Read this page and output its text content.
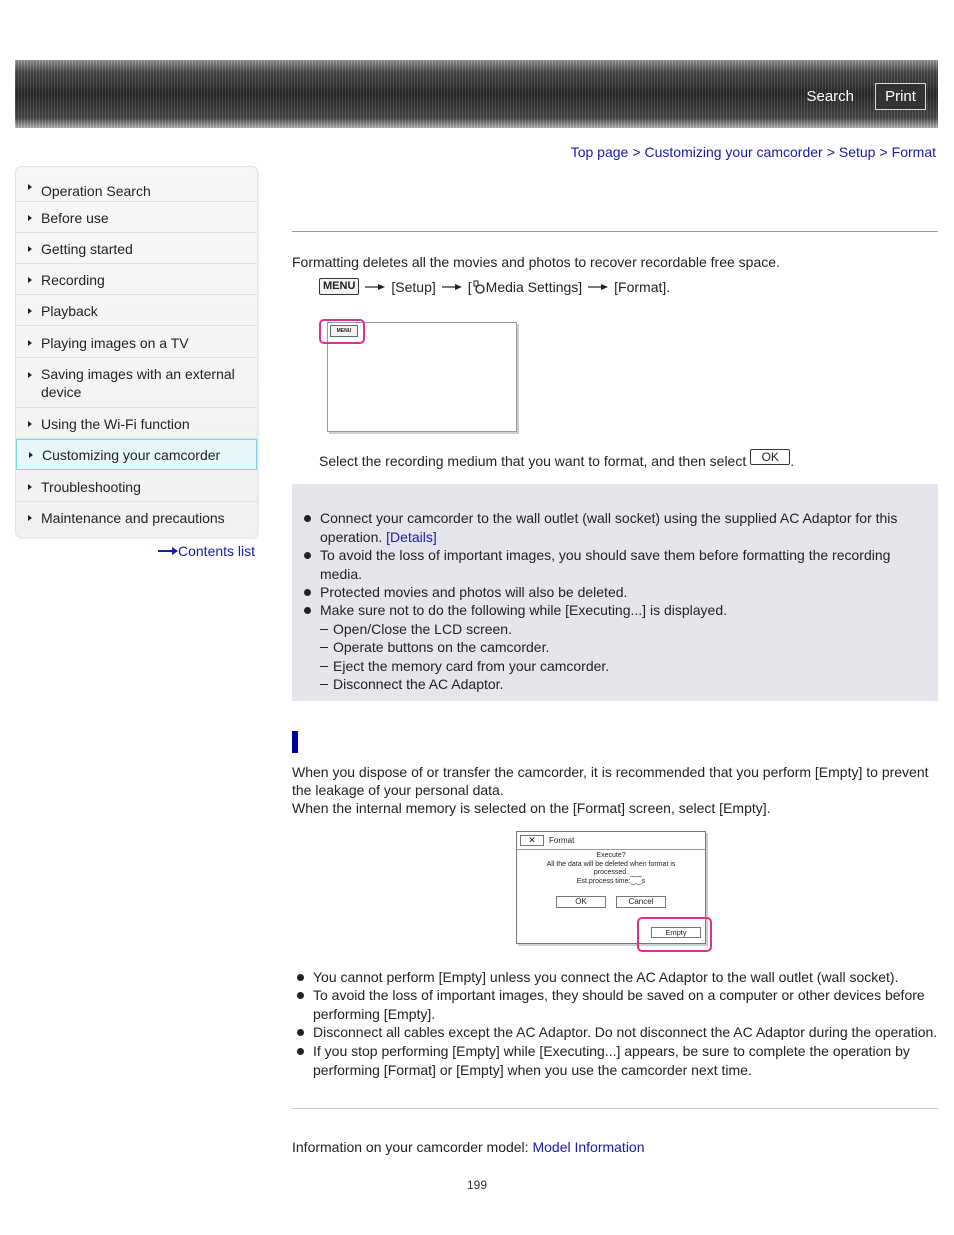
Search	Print
Top page > Customizing your camcorder > Setup > Format
Operation Search
Before use
Getting started
Recording
Playback
Playing images on a TV
Saving images with an external device
Using the Wi-Fi function
Customizing your camcorder
Troubleshooting
Maintenance and precautions
Contents list
Formatting deletes all the movies and photos to recover recordable free space.
MENU	[Setup] [ Media Settings] [Format].
MENU
Select the recording medium that you want to format, and then select	OK .
Connect your camcorder to the wall outlet (wall socket) using the supplied AC Adaptor for this operation. [Details]
To avoid the loss of important images, you should save them before formatting the recording media.
Protected movies and photos will also be deleted.
Make sure not to do the following while [Executing...] is displayed.
Open/Close the LCD screen.
Operate buttons on the camcorder.
Eject the memory card from your camcorder.
Disconnect the AC Adaptor.
When you dispose of or transfer the camcorder, it is recommended that you perform [Empty] to prevent the leakage of your personal data.
When the internal memory is selected on the [Format] screen, select [Empty].
✕	Format
Execute?
All the data will be deleted when format is
processed.
Est.process time:⁐⁐s
OK	Cancel
Empty
You cannot perform [Empty] unless you connect the AC Adaptor to the wall outlet (wall socket).
To avoid the loss of important images, they should be saved on a computer or other devices before performing [Empty].
Disconnect all cables except the AC Adaptor. Do not disconnect the AC Adaptor during the operation.
If you stop performing [Empty] while [Executing...] appears, be sure to complete the operation by performing [Format] or [Empty] when you use the camcorder next time.
Information on your camcorder model: Model Information
199
